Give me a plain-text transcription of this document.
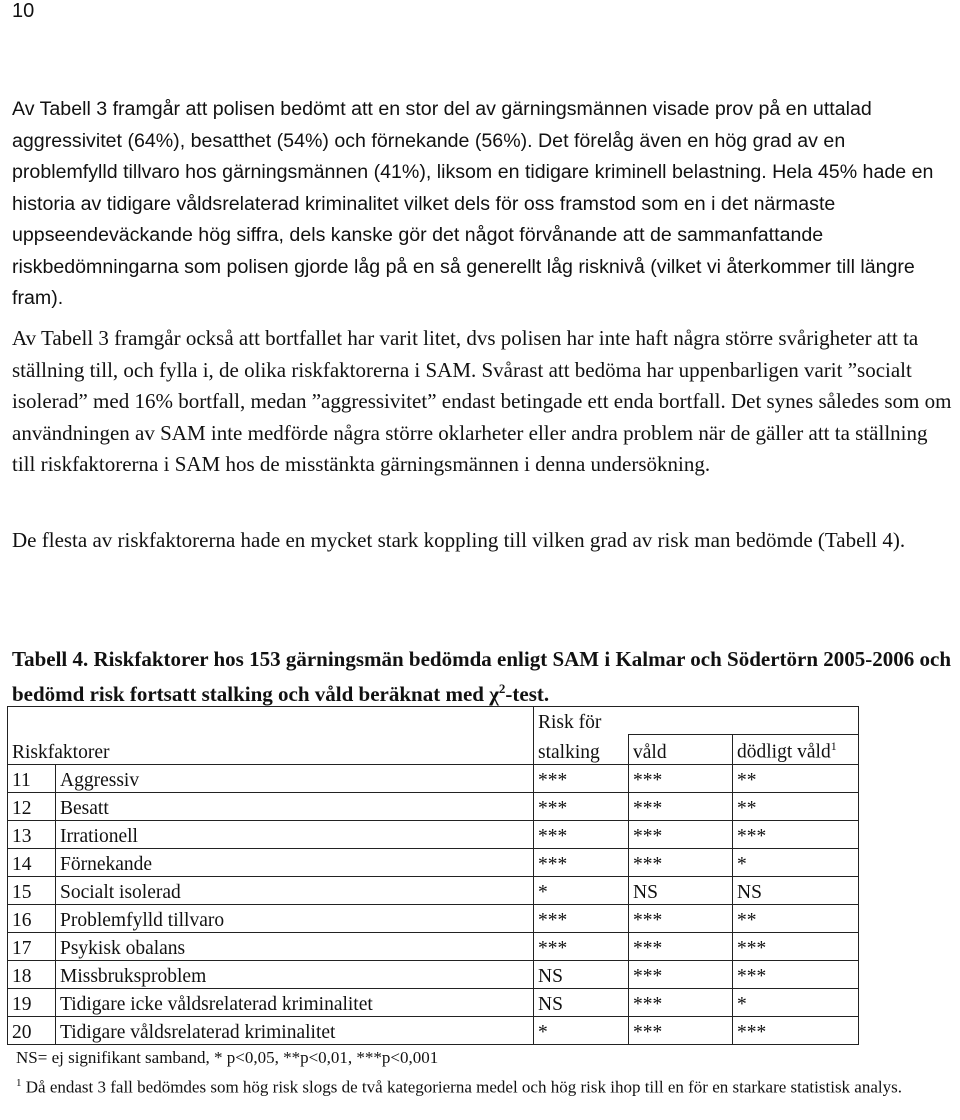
10

Av Tabell 3 framgår att polisen bedömt att en stor del av gärningsmännen visade prov på en uttalad aggressivitet (64%), besatthet (54%) och förnekande (56%). Det förelåg även en hög grad av en problemfylld tillvaro hos gärningsmännen (41%), liksom en tidigare kriminell belastning. Hela 45% hade en historia av tidigare våldsrelaterad kriminalitet vilket dels för oss framstod som en i det närmaste uppseendeväckande hög siffra, dels kanske gör det något förvånande att de sammanfattande riskbedömningarna som polisen gjorde låg på en så generellt låg risknivå (vilket vi återkommer till längre fram).

Av Tabell 3 framgår också att bortfallet har varit litet, dvs polisen har inte haft några större svårigheter att ta ställning till, och fylla i, de olika riskfaktorerna i SAM. Svårast att bedöma har uppenbarligen varit ”socialt isolerad” med 16% bortfall, medan ”aggressivitet” endast betingade ett enda bortfall. Det synes således som om användningen av SAM inte medförde några större oklarheter eller andra problem när de gäller att ta ställning till riskfaktorerna i SAM hos de misstänkta gärningsmännen i denna undersökning.

De flesta av riskfaktorerna hade en mycket stark koppling till vilken grad av risk man bedömde (Tabell 4).

Tabell 4. Riskfaktorer hos 153 gärningsmän bedömda enligt SAM i Kalmar och Södertörn 2005-2006 och bedömd risk fortsatt stalking och våld beräknat med $\chi^2$-test.
		Risk för		
Riskfaktorer		stalking	våld	dödligt våld$^1$
11	Aggressiv	***	***	**
12	Besatt	***	***	**
13	Irrationell	***	***	***
14	Förnekande	***	***	*
15	Socialt isolerad	*	NS	NS
16	Problemfylld tillvaro	***	***	**
17	Psykisk obalans	***	***	***
18	Missbruksproblem	NS	***	***
19	Tidigare icke våldsrelaterad kriminalitet	NS	***	*
20	Tidigare våldsrelaterad kriminalitet	*	***	***
NS= ej signifikant samband, * p<0,05, **p<0,01, ***p<0,001
$^1$ Då endast 3 fall bedömdes som hög risk slogs de två kategorierna medel och hög risk ihop till en för en starkare statistisk analys.
